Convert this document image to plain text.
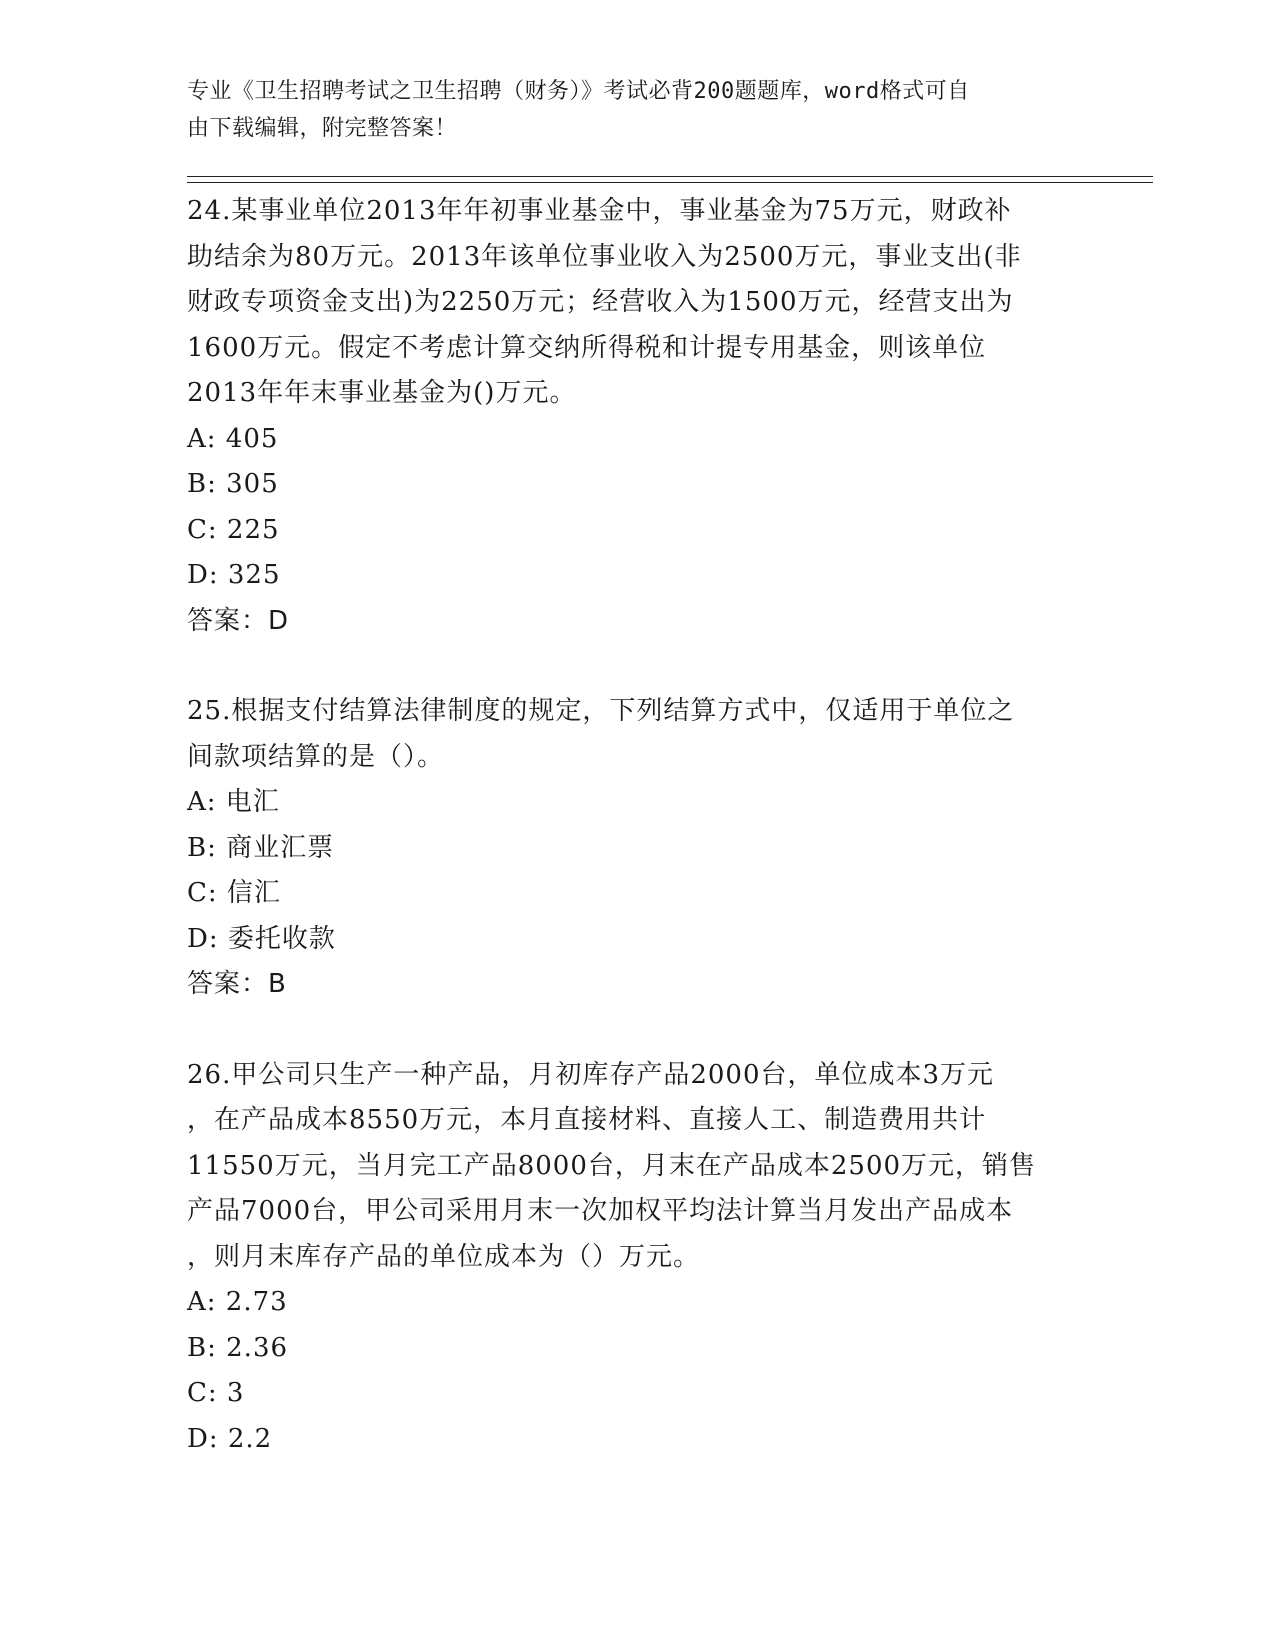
专业《卫生招聘考试之卫生招聘（财务）》考试必背200题题库，word格式可自
由下载编辑，附完整答案！

24.某事业单位2013年年初事业基金中，事业基金为75万元，财政补

助结余为80万元。2013年该单位事业收入为2500万元，事业支出(非

财政专项资金支出)为2250万元；经营收入为1500万元，经营支出为

1600万元。假定不考虑计算交纳所得税和计提专用基金，则该单位

2013年年末事业基金为()万元。

A: 405

B: 305

C: 225

D: 325

答案：D

25.根据支付结算法律制度的规定，下列结算方式中，仅适用于单位之

间款项结算的是（）。

A: 电汇

B: 商业汇票

C: 信汇

D: 委托收款

答案：B

26.甲公司只生产一种产品，月初库存产品2000台，单位成本3万元

，在产品成本8550万元，本月直接材料、直接人工、制造费用共计

11550万元，当月完工产品8000台，月末在产品成本2500万元，销售

产品7000台，甲公司采用月末一次加权平均法计算当月发出产品成本

，则月末库存产品的单位成本为（）万元。

A: 2.73

B: 2.36

C: 3

D: 2.2
